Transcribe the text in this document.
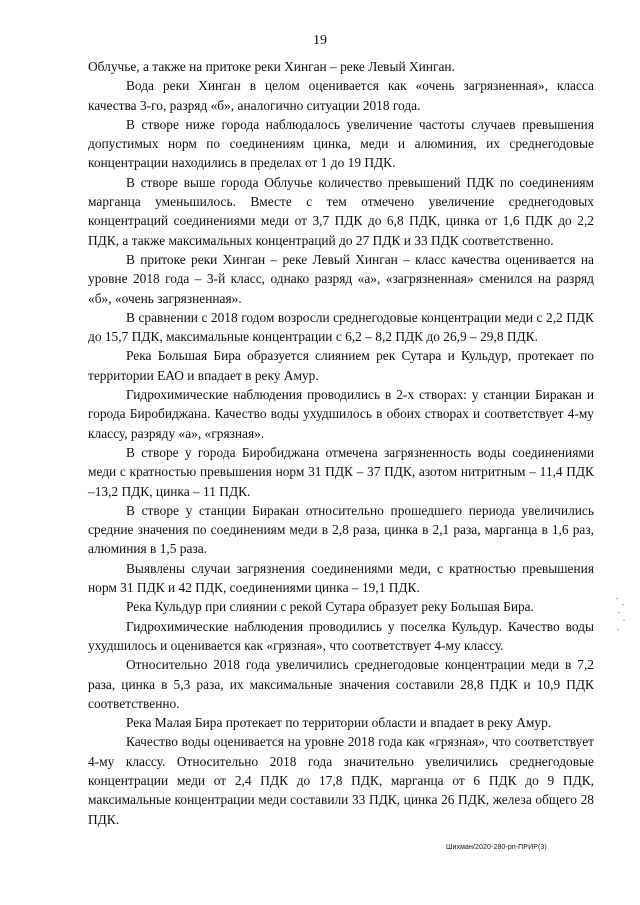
19

Облучье, а также на притоке реки Хинган – реке Левый Хинган.

Вода реки Хинган в целом оценивается как «очень загрязненная», класса качества 3-го, разряд «б», аналогично ситуации 2018 года.

В створе ниже города наблюдалось увеличение частоты случаев превышения допустимых норм по соединениям цинка, меди и алюминия, их среднегодовые концентрации находились в пределах от 1 до 19 ПДК.

В створе выше города Облучье количество превышений ПДК по соединениям марганца уменьшилось. Вместе с тем отмечено увеличение среднегодовых концентраций соединениями меди от 3,7 ПДК до 6,8 ПДК, цинка от 1,6 ПДК до 2,2 ПДК, а также максимальных концентраций до 27 ПДК и 33 ПДК соответственно.

В притоке реки Хинган – реке Левый Хинган – класс качества оценивается на уровне 2018 года – 3-й класс, однако разряд «а», «загрязненная» сменился на разряд «б», «очень загрязненная».

В сравнении с 2018 годом возросли среднегодовые концентрации меди с 2,2 ПДК до 15,7 ПДК, максимальные концентрации с 6,2 – 8,2 ПДК до 26,9 – 29,8 ПДК.

Река Большая Бира образуется слиянием рек Сутара и Кульдур, протекает по территории ЕАО и впадает в реку Амур.

Гидрохимические наблюдения проводились в 2-х створах: у станции Биракан и города Биробиджана. Качество воды ухудшилось в обоих створах и соответствует 4-му классу, разряду «а», «грязная».

В створе у города Биробиджана отмечена загрязненность воды соединениями меди с кратностью превышения норм 31 ПДК – 37 ПДК, азотом нитритным – 11,4 ПДК –13,2 ПДК, цинка – 11 ПДК.

В створе у станции Биракан относительно прошедшего периода увеличились средние значения по соединениям меди в 2,8 раза, цинка в 2,1 раза, марганца в 1,6 раз, алюминия в 1,5 раза.

Выявлены случаи загрязнения соединениями меди, с кратностью превышения норм 31 ПДК и 42 ПДК, соединениями цинка – 19,1 ПДК.

Река Кульдур при слиянии с рекой Сутара образует реку Большая Бира.

Гидрохимические наблюдения проводились у поселка Кульдур. Качество воды ухудшилось и оценивается как «грязная», что соответствует 4-му классу.

Относительно 2018 года увеличились среднегодовые концентрации меди в 7,2 раза, цинка в 5,3 раза, их максимальные значения составили 28,8 ПДК и 10,9 ПДК соответственно.

Река Малая Бира протекает по территории области и впадает в реку Амур.

Качество воды оценивается на уровне 2018 года как «грязная», что соответствует 4-му классу. Относительно 2018 года значительно увеличились среднегодовые концентрации меди от 2,4 ПДК до 17,8 ПДК, марганца от 6 ПДК до 9 ПДК, максимальные концентрации меди составили 33 ПДК, цинка 26 ПДК, железа общего 28 ПДК.

Шихман/2020-280-рп-ПРИР(3)
